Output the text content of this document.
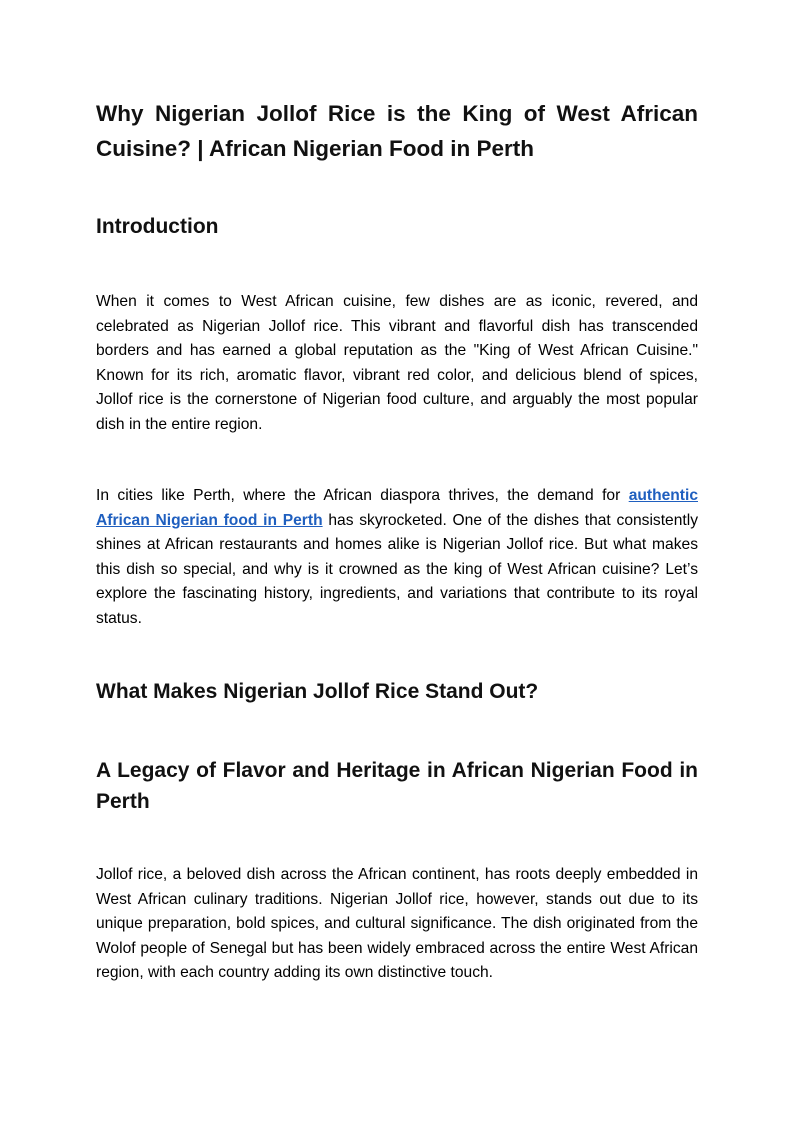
Why Nigerian Jollof Rice is the King of West African Cuisine? | African Nigerian Food in Perth
Introduction

When it comes to West African cuisine, few dishes are as iconic, revered, and celebrated as Nigerian Jollof rice. This vibrant and flavorful dish has transcended borders and has earned a global reputation as the "King of West African Cuisine." Known for its rich, aromatic flavor, vibrant red color, and delicious blend of spices, Jollof rice is the cornerstone of Nigerian food culture, and arguably the most popular dish in the entire region.

In cities like Perth, where the African diaspora thrives, the demand for authentic African Nigerian food in Perth has skyrocketed. One of the dishes that consistently shines at African restaurants and homes alike is Nigerian Jollof rice. But what makes this dish so special, and why is it crowned as the king of West African cuisine? Let’s explore the fascinating history, ingredients, and variations that contribute to its royal status.

What Makes Nigerian Jollof Rice Stand Out?
A Legacy of Flavor and Heritage in African Nigerian Food in Perth

Jollof rice, a beloved dish across the African continent, has roots deeply embedded in West African culinary traditions. Nigerian Jollof rice, however, stands out due to its unique preparation, bold spices, and cultural significance. The dish originated from the Wolof people of Senegal but has been widely embraced across the entire West African region, with each country adding its own distinctive touch.
